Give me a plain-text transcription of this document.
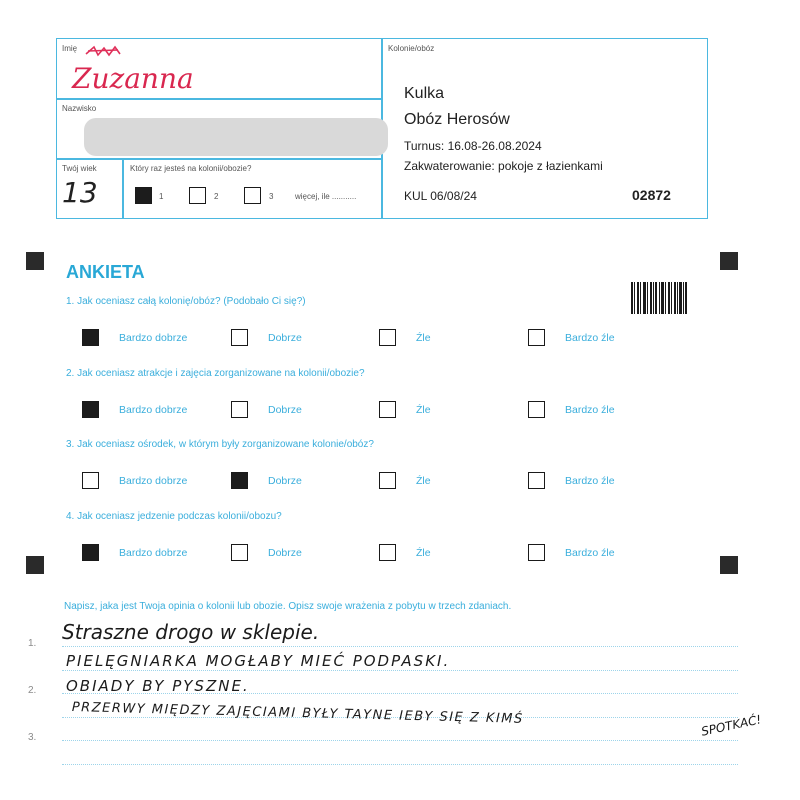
Imię
Zuzanna
Nazwisko
Twój wiek
13
Który raz jesteś na kolonii/obozie?
1	2	3	więcej, ile ...........
Kolonie/obóz
Kulka
Obóz Herosów
Turnus: 16.08-26.08.2024
Zakwaterowanie: pokoje z łazienkami
KUL 06/08/24	02872
ANKIETA
1. Jak oceniasz całą kolonię/obóz? (Podobało Ci się?)
Bardzo dobrze	Dobrze	Źle	Bardzo źle
2. Jak oceniasz atrakcje i zajęcia zorganizowane na kolonii/obozie?
Bardzo dobrze	Dobrze	Źle	Bardzo źle
3. Jak oceniasz ośrodek, w którym były zorganizowane kolonie/obóz?
Bardzo dobrze	Dobrze	Źle	Bardzo źle
4. Jak oceniasz jedzenie podczas kolonii/obozu?
Bardzo dobrze	Dobrze	Źle	Bardzo źle
Napisz, jaka jest Twoja opinia o kolonii lub obozie. Opisz swoje wrażenia z pobytu w trzech zdaniach.
1.
2.
3.
Straszne drogo w sklepie.
PIELĘGNIARKA MOGŁABY MIEĆ PODPASKI.
OBIADY BY PYSZNE.
PRZERWY MIĘDZY ZAJĘCIAMI BYŁY TAYNE IEBY SIĘ Z KIMŚ	SPOTKAĆ!
